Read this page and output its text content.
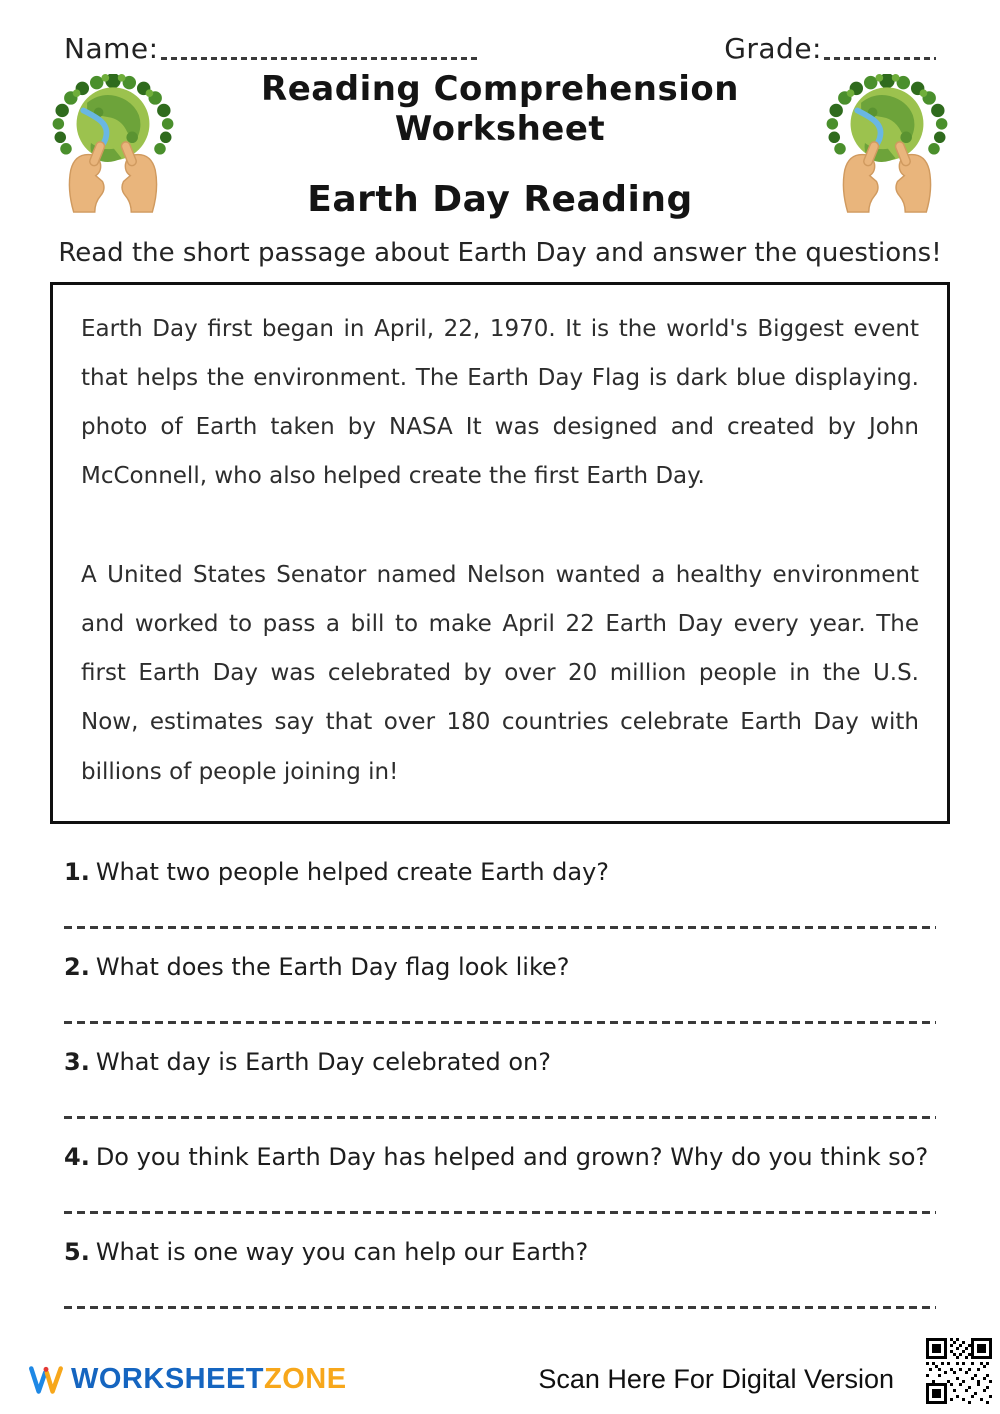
Name:	Grade:
Reading Comprehension Worksheet
Earth Day Reading
Read the short passage about Earth Day and answer the questions!

Earth Day first began in April, 22, 1970. It is the world's Biggest event that helps the environment. The Earth Day Flag is dark blue displaying. photo of Earth taken by NASA It was designed and created by John McConnell, who also helped create the first Earth Day.

A United States Senator named Nelson wanted a healthy environment and worked to pass a bill to make April 22 Earth Day every year. The first Earth Day was celebrated by over 20 million people in the U.S. Now, estimates say that over 180 countries celebrate Earth Day with billions of people joining in!

1. What two people helped create Earth day?
2. What does the Earth Day flag look like?
3. What day is Earth Day celebrated on?
4. Do you think Earth Day has helped and grown? Why do you think so?
5. What is one way you can help our Earth?
WORKSHEETZONE	Scan Here For Digital Version
